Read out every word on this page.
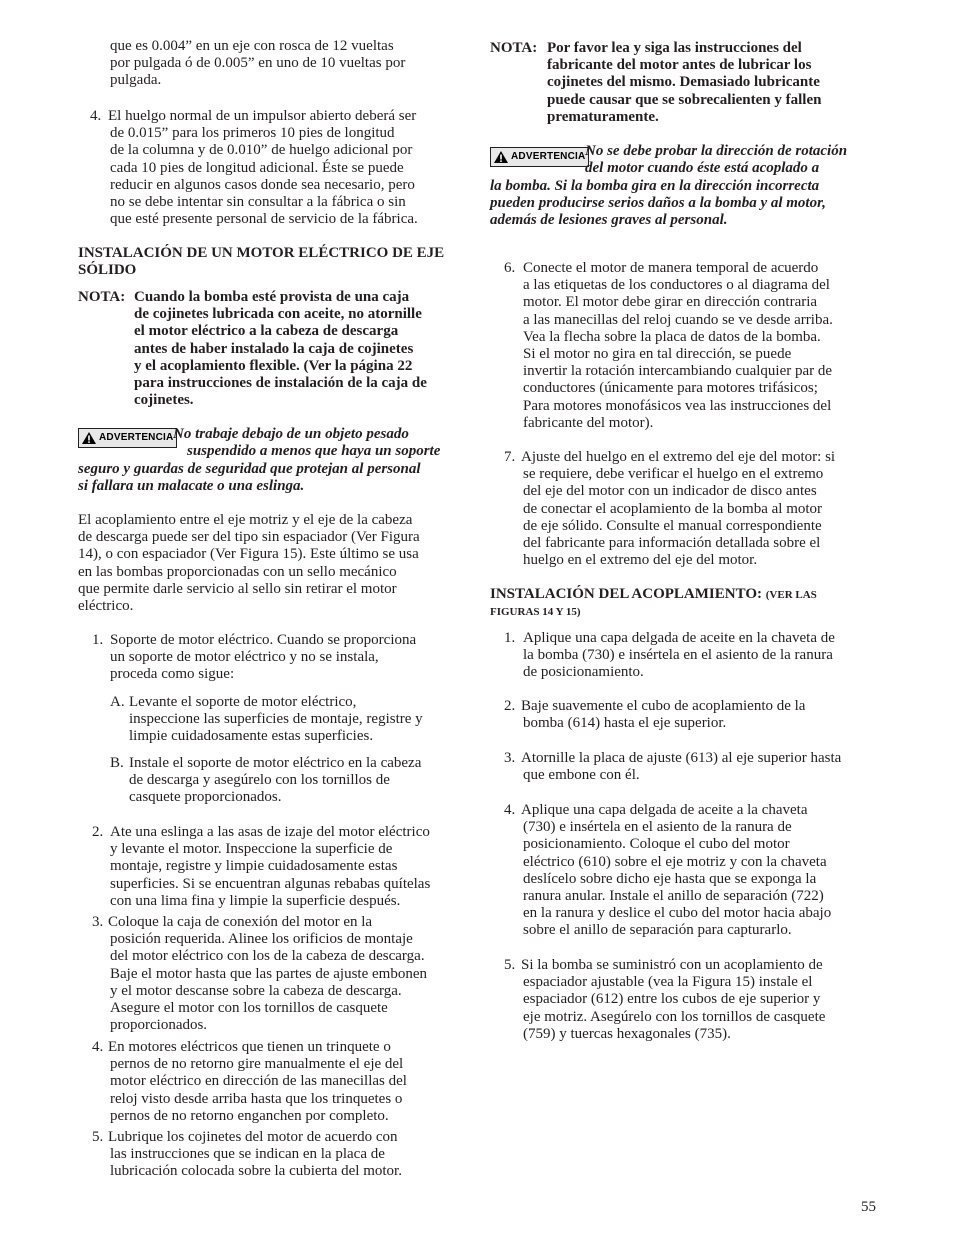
que es 0.004” en un eje con rosca de 12 vueltas

por pulgada ó de 0.005” en uno de 10 vueltas por

pulgada.

4. El huelgo normal de un impulsor abierto deberá ser

de 0.015” para los primeros 10 pies de longitud

de la columna y de 0.010” de huelgo adicional por

cada 10 pies de longitud adicional. Éste se puede

reducir en algunos casos donde sea necesario, pero

no se debe intentar sin consultar a la fábrica o sin

que esté presente personal de servicio de la fábrica.

INSTALACIÓN DE UN MOTOR ELÉCTRICO DE EJE

SÓLIDO

NOTA: Cuando la bomba esté provista de una caja

de cojinetes lubricada con aceite, no atornille

el motor eléctrico a la cabeza de descarga

antes de haber instalado la caja de cojinetes

y el acoplamiento flexible. (Ver la página 22

para instrucciones de instalación de la caja de

cojinetes.

ADVERTENCIA No trabaje debajo de un objeto pesado

suspendido a menos que haya un soporte

seguro y guardas de seguridad que protejan al personal

si fallara un malacate o una eslinga.

El acoplamiento entre el eje motriz y el eje de la cabeza

de descarga puede ser del tipo sin espaciador (Ver Figura

14), o con espaciador (Ver Figura 15). Este último se usa

en las bombas proporcionadas con un sello mecánico

que permite darle servicio al sello sin retirar el motor

eléctrico.

1. Soporte de motor eléctrico. Cuando se proporciona

un soporte de motor eléctrico y no se instala,

proceda como sigue:

A. Levante el soporte de motor eléctrico,

inspeccione las superficies de montaje, registre y

limpie cuidadosamente estas superficies.

B. Instale el soporte de motor eléctrico en la cabeza

de descarga y asegúrelo con los tornillos de

casquete proporcionados.

2. Ate una eslinga a las asas de izaje del motor eléctrico

y levante el motor. Inspeccione la superficie de

montaje, registre y limpie cuidadosamente estas

superficies. Si se encuentran algunas rebabas quítelas

con una lima fina y limpie la superficie después.

3. Coloque la caja de conexión del motor en la

posición requerida. Alinee los orificios de montaje

del motor eléctrico con los de la cabeza de descarga.

Baje el motor hasta que las partes de ajuste embonen

y el motor descanse sobre la cabeza de descarga.

Asegure el motor con los tornillos de casquete

proporcionados.

4. En motores eléctricos que tienen un trinquete o

pernos de no retorno gire manualmente el eje del

motor eléctrico en dirección de las manecillas del

reloj visto desde arriba hasta que los trinquetes o

pernos de no retorno enganchen por completo.

5. Lubrique los cojinetes del motor de acuerdo con

las instrucciones que se indican en la placa de

lubricación colocada sobre la cubierta del motor.

NOTA: Por favor lea y siga las instrucciones del

fabricante del motor antes de lubricar los

cojinetes del mismo. Demasiado lubricante

puede causar que se sobrecalienten y fallen

prematuramente.

ADVERTENCIA No se debe probar la dirección de rotación

del motor cuando éste está acoplado a

la bomba. Si la bomba gira en la dirección incorrecta

pueden producirse serios daños a la bomba y al motor,

además de lesiones graves al personal.

6. Conecte el motor de manera temporal de acuerdo

a las etiquetas de los conductores o al diagrama del

motor. El motor debe girar en dirección contraria

a las manecillas del reloj cuando se ve desde arriba.

Vea la flecha sobre la placa de datos de la bomba.

Si el motor no gira en tal dirección, se puede

invertir la rotación intercambiando cualquier par de

conductores (únicamente para motores trifásicos;

Para motores monofásicos vea las instrucciones del

fabricante del motor).

7. Ajuste del huelgo en el extremo del eje del motor: si

se requiere, debe verificar el huelgo en el extremo

del eje del motor con un indicador de disco antes

de conectar el acoplamiento de la bomba al motor

de eje sólido. Consulte el manual correspondiente

del fabricante para información detallada sobre el

huelgo en el extremo del eje del motor.

INSTALACIÓN DEL ACOPLAMIENTO: (VER LAS

FIGURAS 14 Y 15)

1. Aplique una capa delgada de aceite en la chaveta de

la bomba (730) e insértela en el asiento de la ranura

de posicionamiento.

2. Baje suavemente el cubo de acoplamiento de la

bomba (614) hasta el eje superior.

3. Atornille la placa de ajuste (613) al eje superior hasta

que embone con él.

4. Aplique una capa delgada de aceite a la chaveta

(730) e insértela en el asiento de la ranura de

posicionamiento. Coloque el cubo del motor

eléctrico (610) sobre el eje motriz y con la chaveta

deslícelo sobre dicho eje hasta que se exponga la

ranura anular. Instale el anillo de separación (722)

en la ranura y deslice el cubo del motor hacia abajo

sobre el anillo de separación para capturarlo.

5. Si la bomba se suministró con un acoplamiento de

espaciador ajustable (vea la Figura 15) instale el

espaciador (612) entre los cubos de eje superior y

eje motriz. Asegúrelo con los tornillos de casquete

(759) y tuercas hexagonales (735).

55
